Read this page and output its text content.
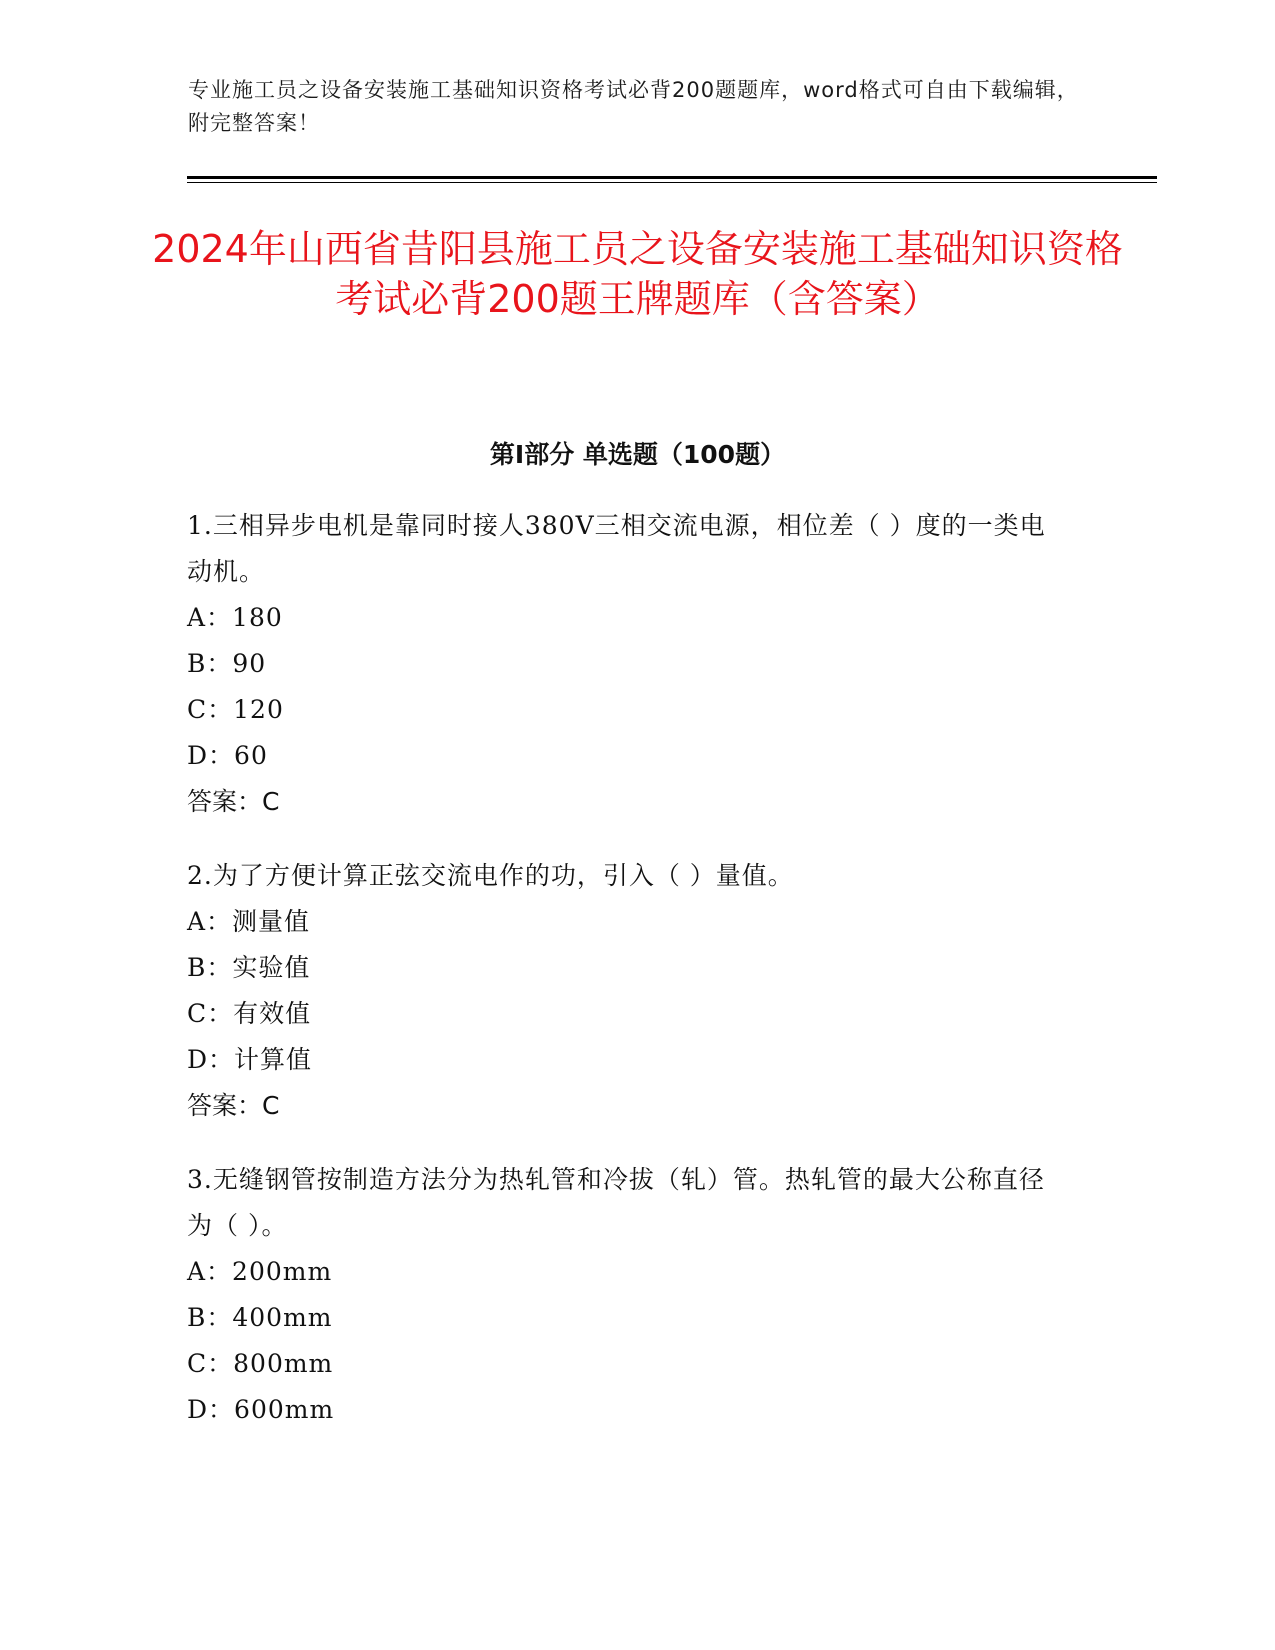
专业施工员之设备安装施工基础知识资格考试必背200题题库，word格式可自由下载编辑，附完整答案！
2024年山西省昔阳县施工员之设备安装施工基础知识资格考试必背200题王牌题库（含答案）
第Ⅰ部分 单选题（100题）

1.三相异步电机是靠同时接人380V三相交流电源，相位差（ ）度的一类电动机。

A：180

B：90

C：120

D：60

答案：C

2.为了方便计算正弦交流电作的功，引入（ ）量值。

A：测量值

B：实验值

C：有效值

D：计算值

答案：C

3.无缝钢管按制造方法分为热轧管和冷拔（轧）管。热轧管的最大公称直径为（ ）。

A：200mm

B：400mm

C：800mm

D：600mm
